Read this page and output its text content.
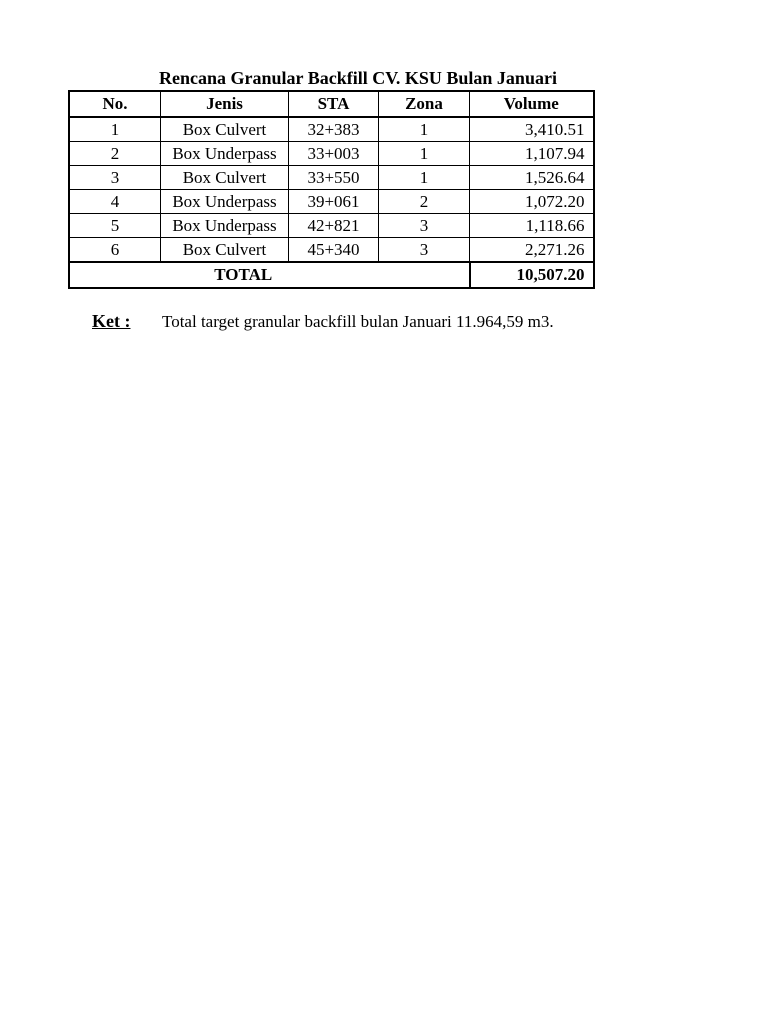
Rencana Granular Backfill CV. KSU Bulan Januari
No.	Jenis	STA	Zona	Volume
1	Box Culvert	32+383	1	3,410.51
2	Box Underpass	33+003	1	1,107.94
3	Box Culvert	33+550	1	1,526.64
4	Box Underpass	39+061	2	1,072.20
5	Box Underpass	42+821	3	1,118.66
6	Box Culvert	45+340	3	2,271.26
TOTAL				10,507.20
Ket : Total target granular backfill bulan Januari 11.964,59 m3.
